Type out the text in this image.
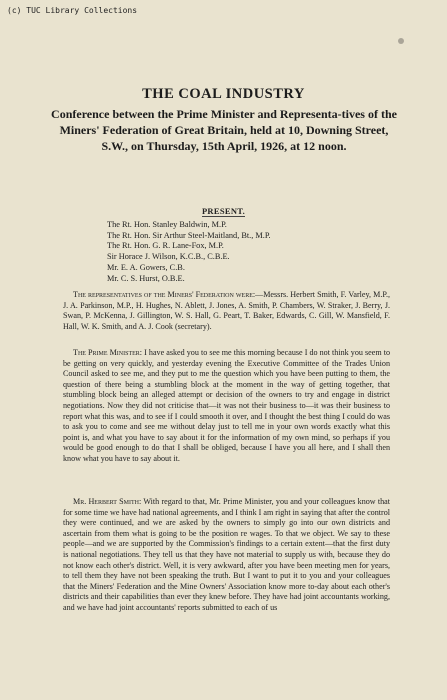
(c) TUC Library Collections
THE COAL INDUSTRY
Conference between the Prime Minister and Representa-tives of the Miners' Federation of Great Britain, held at 10, Downing Street, S.W., on Thursday, 15th April, 1926, at 12 noon.
PRESENT.
The Rt. Hon. Stanley Baldwin, M.P.
The Rt. Hon. Sir Arthur Steel-Maitland, Bt., M.P.
The Rt. Hon. G. R. Lane-Fox, M.P.
Sir Horace J. Wilson, K.C.B., C.B.E.
Mr. E. A. Gowers, C.B.
Mr. C. S. Hurst, O.B.E.

The representatives of the Miners' Federation were:—Messrs. Herbert Smith, F. Varley, M.P., J. A. Parkinson, M.P., H. Hughes, N. Ablett, J. Jones, A. Smith, P. Chambers, W. Straker, J. Berry, J. Swan, P. McKenna, J. Gillington, W. S. Hall, G. Peart, T. Baker, Edwards, C. Gill, W. Mansfield, F. Hall, W. K. Smith, and A. J. Cook (secretary).

The Prime Minister: I have asked you to see me this morning because I do not think you seem to be getting on very quickly, and yesterday evening the Executive Committee of the Trades Union Council asked to see me, and they put to me the question which you have been putting to them, the question of there being a stumbling block at the moment in the way of getting together, that stumbling block being an alleged attempt or decision of the owners to try and engage in district negotiations. Now they did not criticise that—it was not their business to—it was their business to report what this was, and to see if I could smooth it over, and I thought the best thing I could do was to ask you to come and see me without delay just to tell me in your own words exactly what this point is, and what you have to say about it for the information of my own mind, so perhaps if you would be good enough to do that I shall be obliged, because I have you all here, and I shall then know what you have to say about it.

Mr. Herbert Smith: With regard to that, Mr. Prime Minister, you and your colleagues know that for some time we have had national agreements, and I think I am right in saying that after the control they were continued, and we are asked by the owners to simply go into our own districts and ascertain from them what is going to be the position re wages. To that we object. We say to these people—and we are supported by the Commission's findings to a certain extent—that the first duty is national negotiations. They tell us that they have not material to supply us with, because they do not know each other's district. Well, it is very awkward, after you have been meeting men for years, to tell them they have not been speaking the truth. But I want to put it to you and your colleagues that the Miners' Federation and the Mine Owners' Association know more to-day about each other's districts and their capabilities than ever they knew before. They have had joint accountants working, and we have had joint accountants' reports submitted to each of us
